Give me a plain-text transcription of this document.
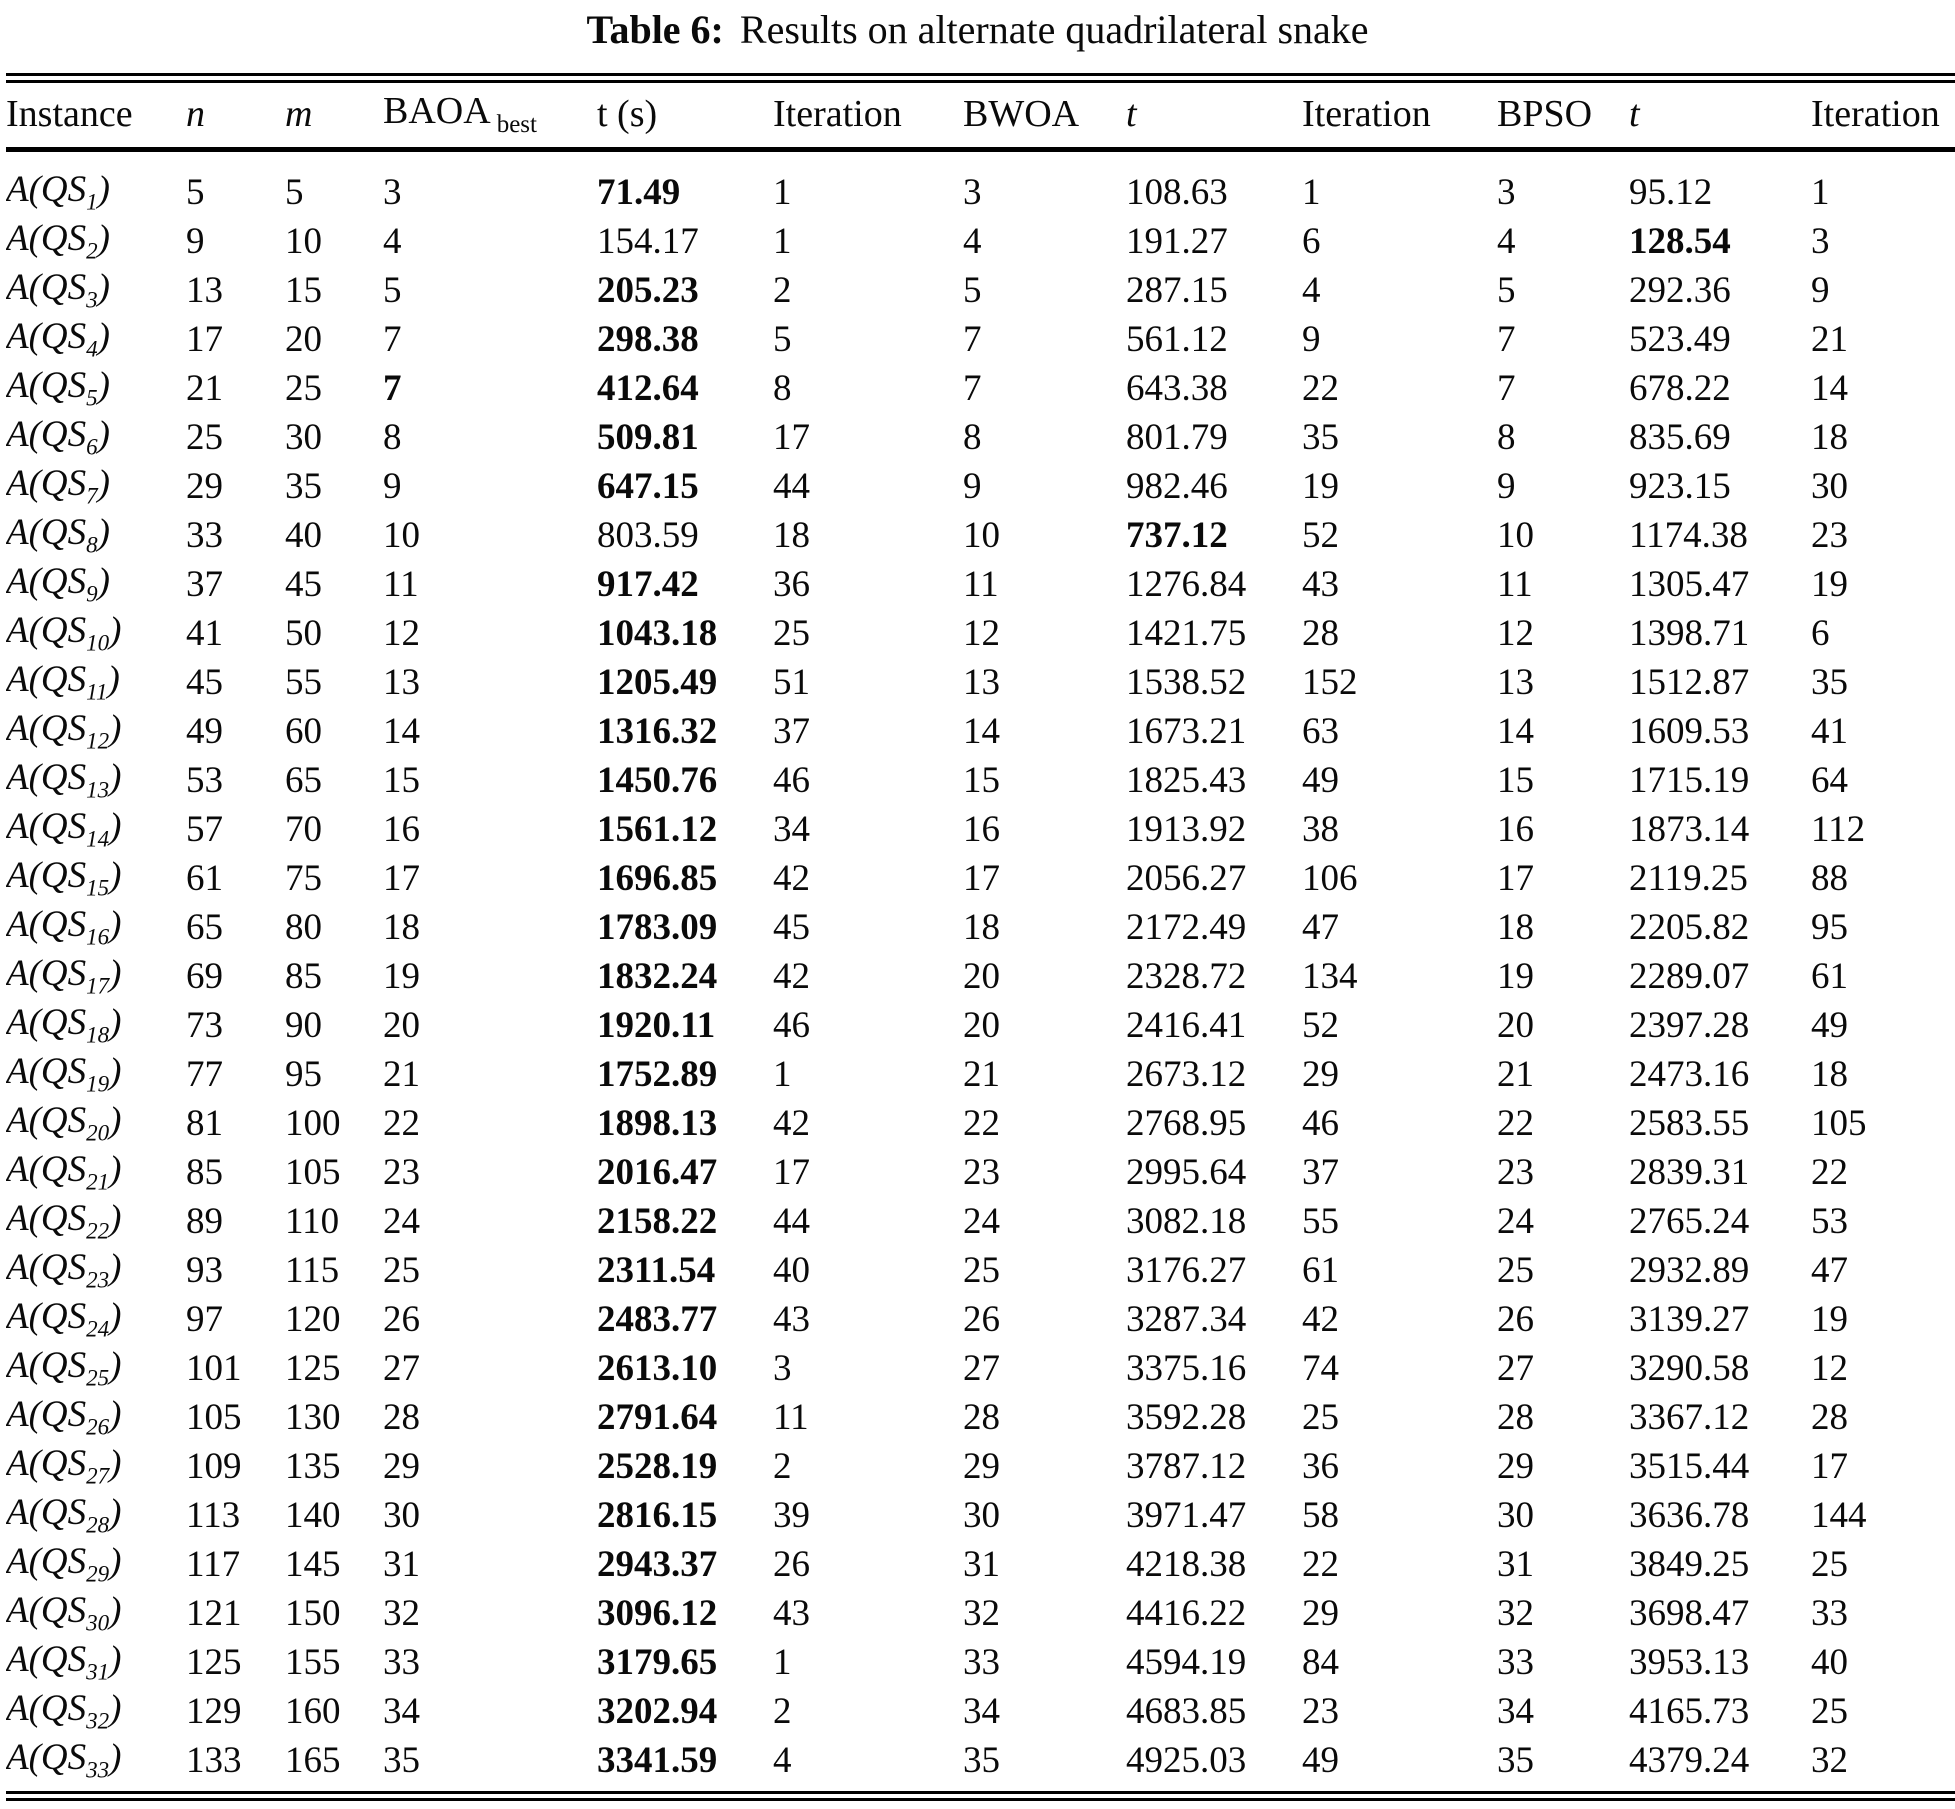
Table 6: Results on alternate quadrilateral snake
Instance	n	m	BAOA $_{best}$	t (s)	Iteration	BWOA	t	Iteration	BPSO	t	Iteration
$A(QS_1)$	5	5	3	71.49	1	3	108.63	1	3	95.12	1
$A(QS_2)$	9	10	4	154.17	1	4	191.27	6	4	128.54	3
$A(QS_3)$	13	15	5	205.23	2	5	287.15	4	5	292.36	9
$A(QS_4)$	17	20	7	298.38	5	7	561.12	9	7	523.49	21
$A(QS_5)$	21	25	7	412.64	8	7	643.38	22	7	678.22	14
$A(QS_6)$	25	30	8	509.81	17	8	801.79	35	8	835.69	18
$A(QS_7)$	29	35	9	647.15	44	9	982.46	19	9	923.15	30
$A(QS_8)$	33	40	10	803.59	18	10	737.12	52	10	1174.38	23
$A(QS_9)$	37	45	11	917.42	36	11	1276.84	43	11	1305.47	19
$A(QS_{10})$	41	50	12	1043.18	25	12	1421.75	28	12	1398.71	6
$A(QS_{11})$	45	55	13	1205.49	51	13	1538.52	152	13	1512.87	35
$A(QS_{12})$	49	60	14	1316.32	37	14	1673.21	63	14	1609.53	41
$A(QS_{13})$	53	65	15	1450.76	46	15	1825.43	49	15	1715.19	64
$A(QS_{14})$	57	70	16	1561.12	34	16	1913.92	38	16	1873.14	112
$A(QS_{15})$	61	75	17	1696.85	42	17	2056.27	106	17	2119.25	88
$A(QS_{16})$	65	80	18	1783.09	45	18	2172.49	47	18	2205.82	95
$A(QS_{17})$	69	85	19	1832.24	42	20	2328.72	134	19	2289.07	61
$A(QS_{18})$	73	90	20	1920.11	46	20	2416.41	52	20	2397.28	49
$A(QS_{19})$	77	95	21	1752.89	1	21	2673.12	29	21	2473.16	18
$A(QS_{20})$	81	100	22	1898.13	42	22	2768.95	46	22	2583.55	105
$A(QS_{21})$	85	105	23	2016.47	17	23	2995.64	37	23	2839.31	22
$A(QS_{22})$	89	110	24	2158.22	44	24	3082.18	55	24	2765.24	53
$A(QS_{23})$	93	115	25	2311.54	40	25	3176.27	61	25	2932.89	47
$A(QS_{24})$	97	120	26	2483.77	43	26	3287.34	42	26	3139.27	19
$A(QS_{25})$	101	125	27	2613.10	3	27	3375.16	74	27	3290.58	12
$A(QS_{26})$	105	130	28	2791.64	11	28	3592.28	25	28	3367.12	28
$A(QS_{27})$	109	135	29	2528.19	2	29	3787.12	36	29	3515.44	17
$A(QS_{28})$	113	140	30	2816.15	39	30	3971.47	58	30	3636.78	144
$A(QS_{29})$	117	145	31	2943.37	26	31	4218.38	22	31	3849.25	25
$A(QS_{30})$	121	150	32	3096.12	43	32	4416.22	29	32	3698.47	33
$A(QS_{31})$	125	155	33	3179.65	1	33	4594.19	84	33	3953.13	40
$A(QS_{32})$	129	160	34	3202.94	2	34	4683.85	23	34	4165.73	25
$A(QS_{33})$	133	165	35	3341.59	4	35	4925.03	49	35	4379.24	32
